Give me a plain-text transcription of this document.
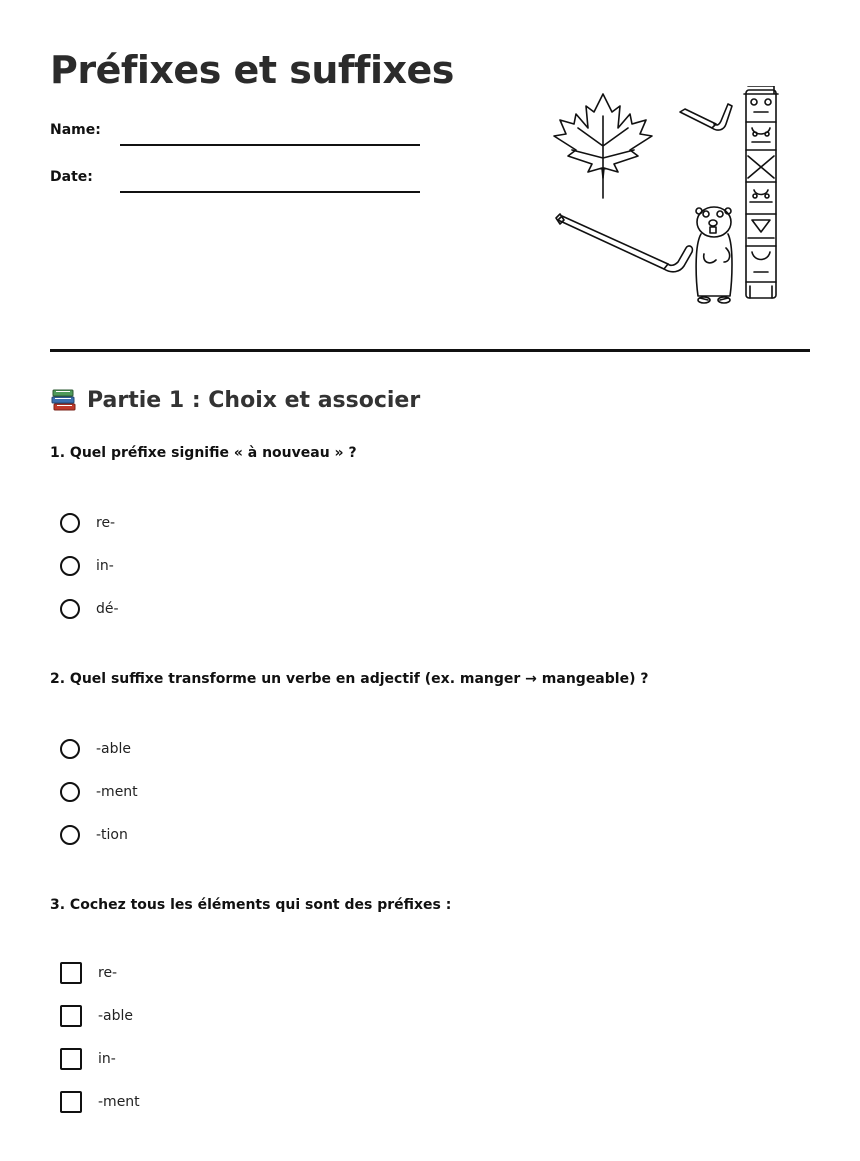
Préfixes et suffixes
Name:
Date:
Partie 1 : Choix et associer

1. Quel préfixe signifie « à nouveau » ?

re-
in-
dé-

2. Quel suffixe transforme un verbe en adjectif (ex. manger → mangeable) ?

-able
-ment
-tion

3. Cochez tous les éléments qui sont des préfixes :

re-
-able
in-
-ment
